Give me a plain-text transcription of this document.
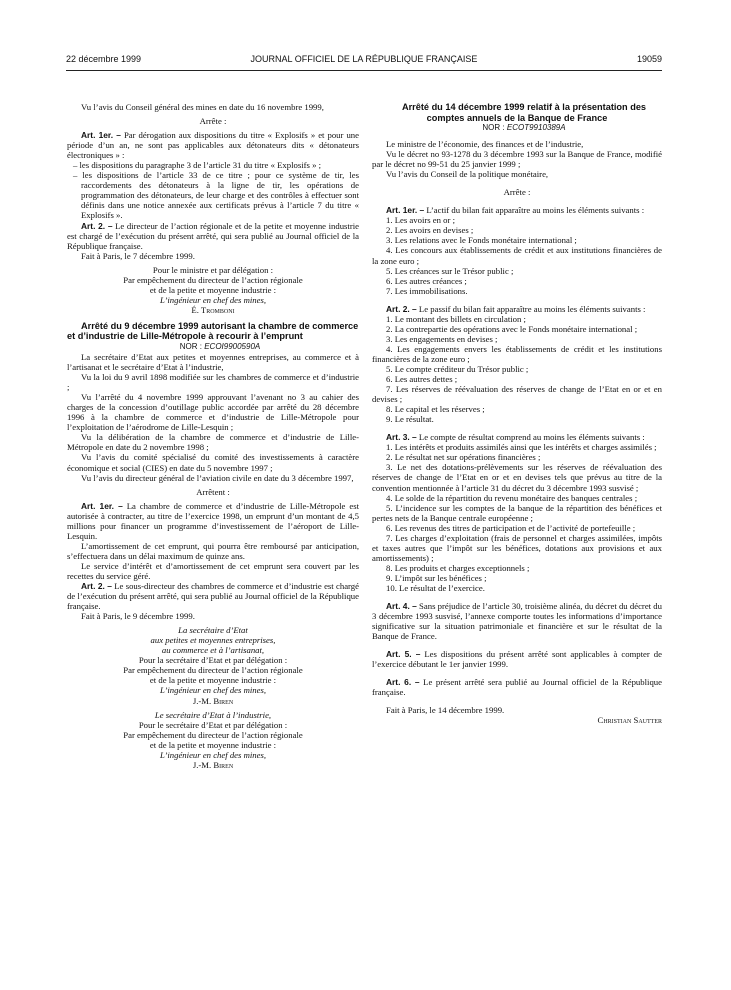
22 décembre 1999	JOURNAL OFFICIEL DE LA RÉPUBLIQUE FRANÇAISE	19059

Vu l’avis du Conseil général des mines en date du 16 novembre 1999,

Arrête :

Art. 1er. – Par dérogation aux dispositions du titre « Explosifs » et pour une période d’un an, ne sont pas applicables aux détonateurs dits « détonateurs électroniques » :

– les dispositions du paragraphe 3 de l’article 31 du titre « Explosifs » ;

– les dispositions de l’article 33 de ce titre ; pour ce système de tir, les raccordements des détonateurs à la ligne de tir, les opérations de programmation des détonateurs, de leur charge et des contrôles à effectuer sont définis dans une notice annexée aux certificats prévus à l’article 7 du titre « Explosifs ».

Art. 2. – Le directeur de l’action régionale et de la petite et moyenne industrie est chargé de l’exécution du présent arrêté, qui sera publié au Journal officiel de la République française.

Fait à Paris, le 7 décembre 1999.

Pour le ministre et par délégation :

Par empêchement du directeur de l’action régionale

et de la petite et moyenne industrie :

L’ingénieur en chef des mines,

É. Tromboni

Arrêté du 9 décembre 1999 autorisant la chambre de commerce et d’industrie de Lille-Métropole à recourir à l’emprunt

NOR : ECOI9900590A

La secrétaire d’Etat aux petites et moyennes entreprises, au commerce et à l’artisanat et le secrétaire d’Etat à l’industrie,

Vu la loi du 9 avril 1898 modifiée sur les chambres de commerce et d’industrie ;

Vu l’arrêté du 4 novembre 1999 approuvant l’avenant no 3 au cahier des charges de la concession d’outillage public accordée par arrêté du 28 décembre 1996 à la chambre de commerce et d’industrie de Lille-Métropole pour l’exploitation de l’aérodrome de Lille-Lesquin ;

Vu la délibération de la chambre de commerce et d’industrie de Lille-Métropole en date du 2 novembre 1998 ;

Vu l’avis du comité spécialisé du comité des investissements à caractère économique et social (CIES) en date du 5 novembre 1997 ;

Vu l’avis du directeur général de l’aviation civile en date du 3 décembre 1997,

Arrêtent :

Art. 1er. – La chambre de commerce et d’industrie de Lille-Métropole est autorisée à contracter, au titre de l’exercice 1998, un emprunt d’un montant de 4,5 millions pour financer un programme d’investissement de l’aéroport de Lille-Lesquin.

L’amortissement de cet emprunt, qui pourra être remboursé par anticipation, s’effectuera dans un délai maximum de quinze ans.

Le service d’intérêt et d’amortissement de cet emprunt sera couvert par les recettes du service géré.

Art. 2. – Le sous-directeur des chambres de commerce et d’industrie est chargé de l’exécution du présent arrêté, qui sera publié au Journal officiel de la République française.

Fait à Paris, le 9 décembre 1999.

La secrétaire d’Etat

aux petites et moyennes entreprises,

au commerce et à l’artisanat,

Pour la secrétaire d’Etat et par délégation :

Par empêchement du directeur de l’action régionale

et de la petite et moyenne industrie :

L’ingénieur en chef des mines,

J.-M. Biren

Le secrétaire d’Etat à l’industrie,

Pour le secrétaire d’Etat et par délégation :

Par empêchement du directeur de l’action régionale

et de la petite et moyenne industrie :

L’ingénieur en chef des mines,

J.-M. Biren

Arrêté du 14 décembre 1999 relatif à la présentation des comptes annuels de la Banque de France

NOR : ECOT9910389A

Le ministre de l’économie, des finances et de l’industrie,

Vu le décret no 93-1278 du 3 décembre 1993 sur la Banque de France, modifié par le décret no 99-51 du 25 janvier 1999 ;

Vu l’avis du Conseil de la politique monétaire,

Arrête :

Art. 1er. – L’actif du bilan fait apparaître au moins les éléments suivants :

1. Les avoirs en or ;

2. Les avoirs en devises ;

3. Les relations avec le Fonds monétaire international ;

4. Les concours aux établissements de crédit et aux institutions financières de la zone euro ;

5. Les créances sur le Trésor public ;

6. Les autres créances ;

7. Les immobilisations.

Art. 2. – Le passif du bilan fait apparaître au moins les éléments suivants :

1. Le montant des billets en circulation ;

2. La contrepartie des opérations avec le Fonds monétaire international ;

3. Les engagements en devises ;

4. Les engagements envers les établissements de crédit et les institutions financières de la zone euro ;

5. Le compte créditeur du Trésor public ;

6. Les autres dettes ;

7. Les réserves de réévaluation des réserves de change de l’Etat en or et en devises ;

8. Le capital et les réserves ;

9. Le résultat.

Art. 3. – Le compte de résultat comprend au moins les éléments suivants :

1. Les intérêts et produits assimilés ainsi que les intérêts et charges assimilés ;

2. Le résultat net sur opérations financières ;

3. Le net des dotations-prélèvements sur les réserves de réévaluation des réserves de change de l’Etat en or et en devises tels que prévus au titre de la convention mentionnée à l’article 31 du décret du 3 décembre 1993 susvisé ;

4. Le solde de la répartition du revenu monétaire des banques centrales ;

5. L’incidence sur les comptes de la banque de la répartition des bénéfices et pertes nets de la Banque centrale européenne ;

6. Les revenus des titres de participation et de l’activité de portefeuille ;

7. Les charges d’exploitation (frais de personnel et charges assimilées, impôts et taxes autres que l’impôt sur les bénéfices, dotations aux provisions et aux amortissements) ;

8. Les produits et charges exceptionnels ;

9. L’impôt sur les bénéfices ;

10. Le résultat de l’exercice.

Art. 4. – Sans préjudice de l’article 30, troisième alinéa, du décret du décret du 3 décembre 1993 susvisé, l’annexe comporte toutes les informations d’importance significative sur la situation patrimoniale et financière et sur le résultat de la Banque de France.

Art. 5. – Les dispositions du présent arrêté sont applicables à compter de l’exercice débutant le 1er janvier 1999.

Art. 6. – Le présent arrêté sera publié au Journal officiel de la République française.

Fait à Paris, le 14 décembre 1999.

Christian Sautter
